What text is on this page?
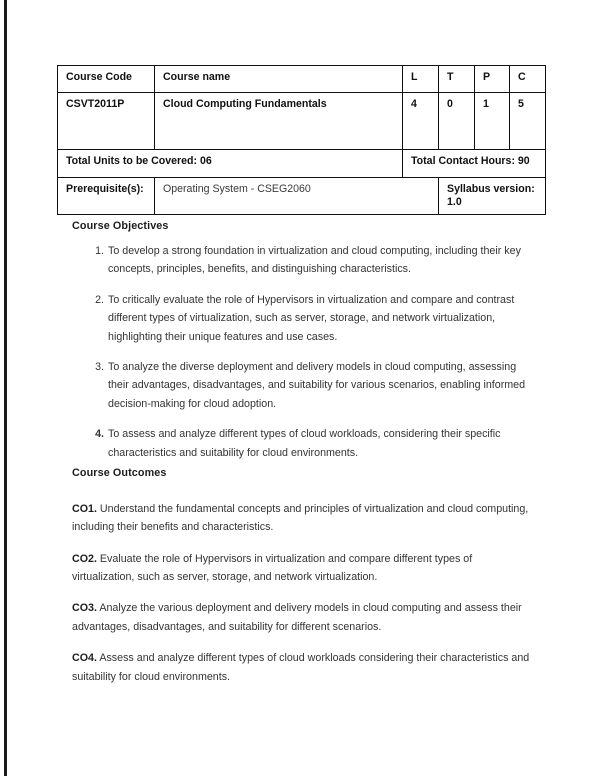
Course Code	Course name	L	T	P	C
CSVT2011P	Cloud Computing Fundamentals	4	0	1	5
Total Units to be Covered: 06		Total Contact Hours: 90			
Prerequisite(s):	Operating System - CSEG2060		Syllabus version: 1.0		
Course Objectives
1. To develop a strong foundation in virtualization and cloud computing, including their key concepts, principles, benefits, and distinguishing characteristics.
2. To critically evaluate the role of Hypervisors in virtualization and compare and contrast different types of virtualization, such as server, storage, and network virtualization, highlighting their unique features and use cases.
3. To analyze the diverse deployment and delivery models in cloud computing, assessing their advantages, disadvantages, and suitability for various scenarios, enabling informed decision-making for cloud adoption.
4. To assess and analyze different types of cloud workloads, considering their specific characteristics and suitability for cloud environments.
Course Outcomes

CO1. Understand the fundamental concepts and principles of virtualization and cloud computing, including their benefits and characteristics.

CO2. Evaluate the role of Hypervisors in virtualization and compare different types of virtualization, such as server, storage, and network virtualization.

CO3. Analyze the various deployment and delivery models in cloud computing and assess their advantages, disadvantages, and suitability for different scenarios.

CO4. Assess and analyze different types of cloud workloads considering their characteristics and suitability for cloud environments.
